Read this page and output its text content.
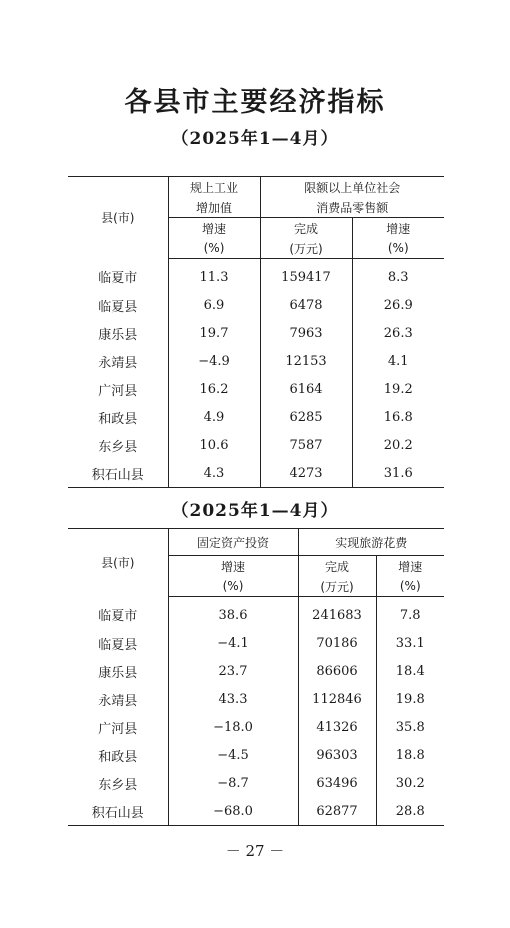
各县市主要经济指标
（2025年1—4月）
县(市)	规上工业	限额以上单位社会	
	增加值	消费品零售额	
	增速	完成	增速
	(%)	(万元)	(%)
临夏市	11.3	159417	8.3
临夏县	6.9	6478	26.9
康乐县	19.7	7963	26.3
永靖县	−4.9	12153	4.1
广河县	16.2	6164	19.2
和政县	4.9	6285	16.8
东乡县	10.6	7587	20.2
积石山县	4.3	4273	31.6
（2025年1—4月）
县(市)	固定资产投资	实现旅游花费	
	增速	完成	增速
	(%)	(万元)	(%)
临夏市	38.6	241683	7.8
临夏县	−4.1	70186	33.1
康乐县	23.7	86606	18.4
永靖县	43.3	112846	19.8
广河县	−18.0	41326	35.8
和政县	−4.5	96303	18.8
东乡县	−8.7	63496	30.2
积石山县	−68.0	62877	28.8
－ 27 －
